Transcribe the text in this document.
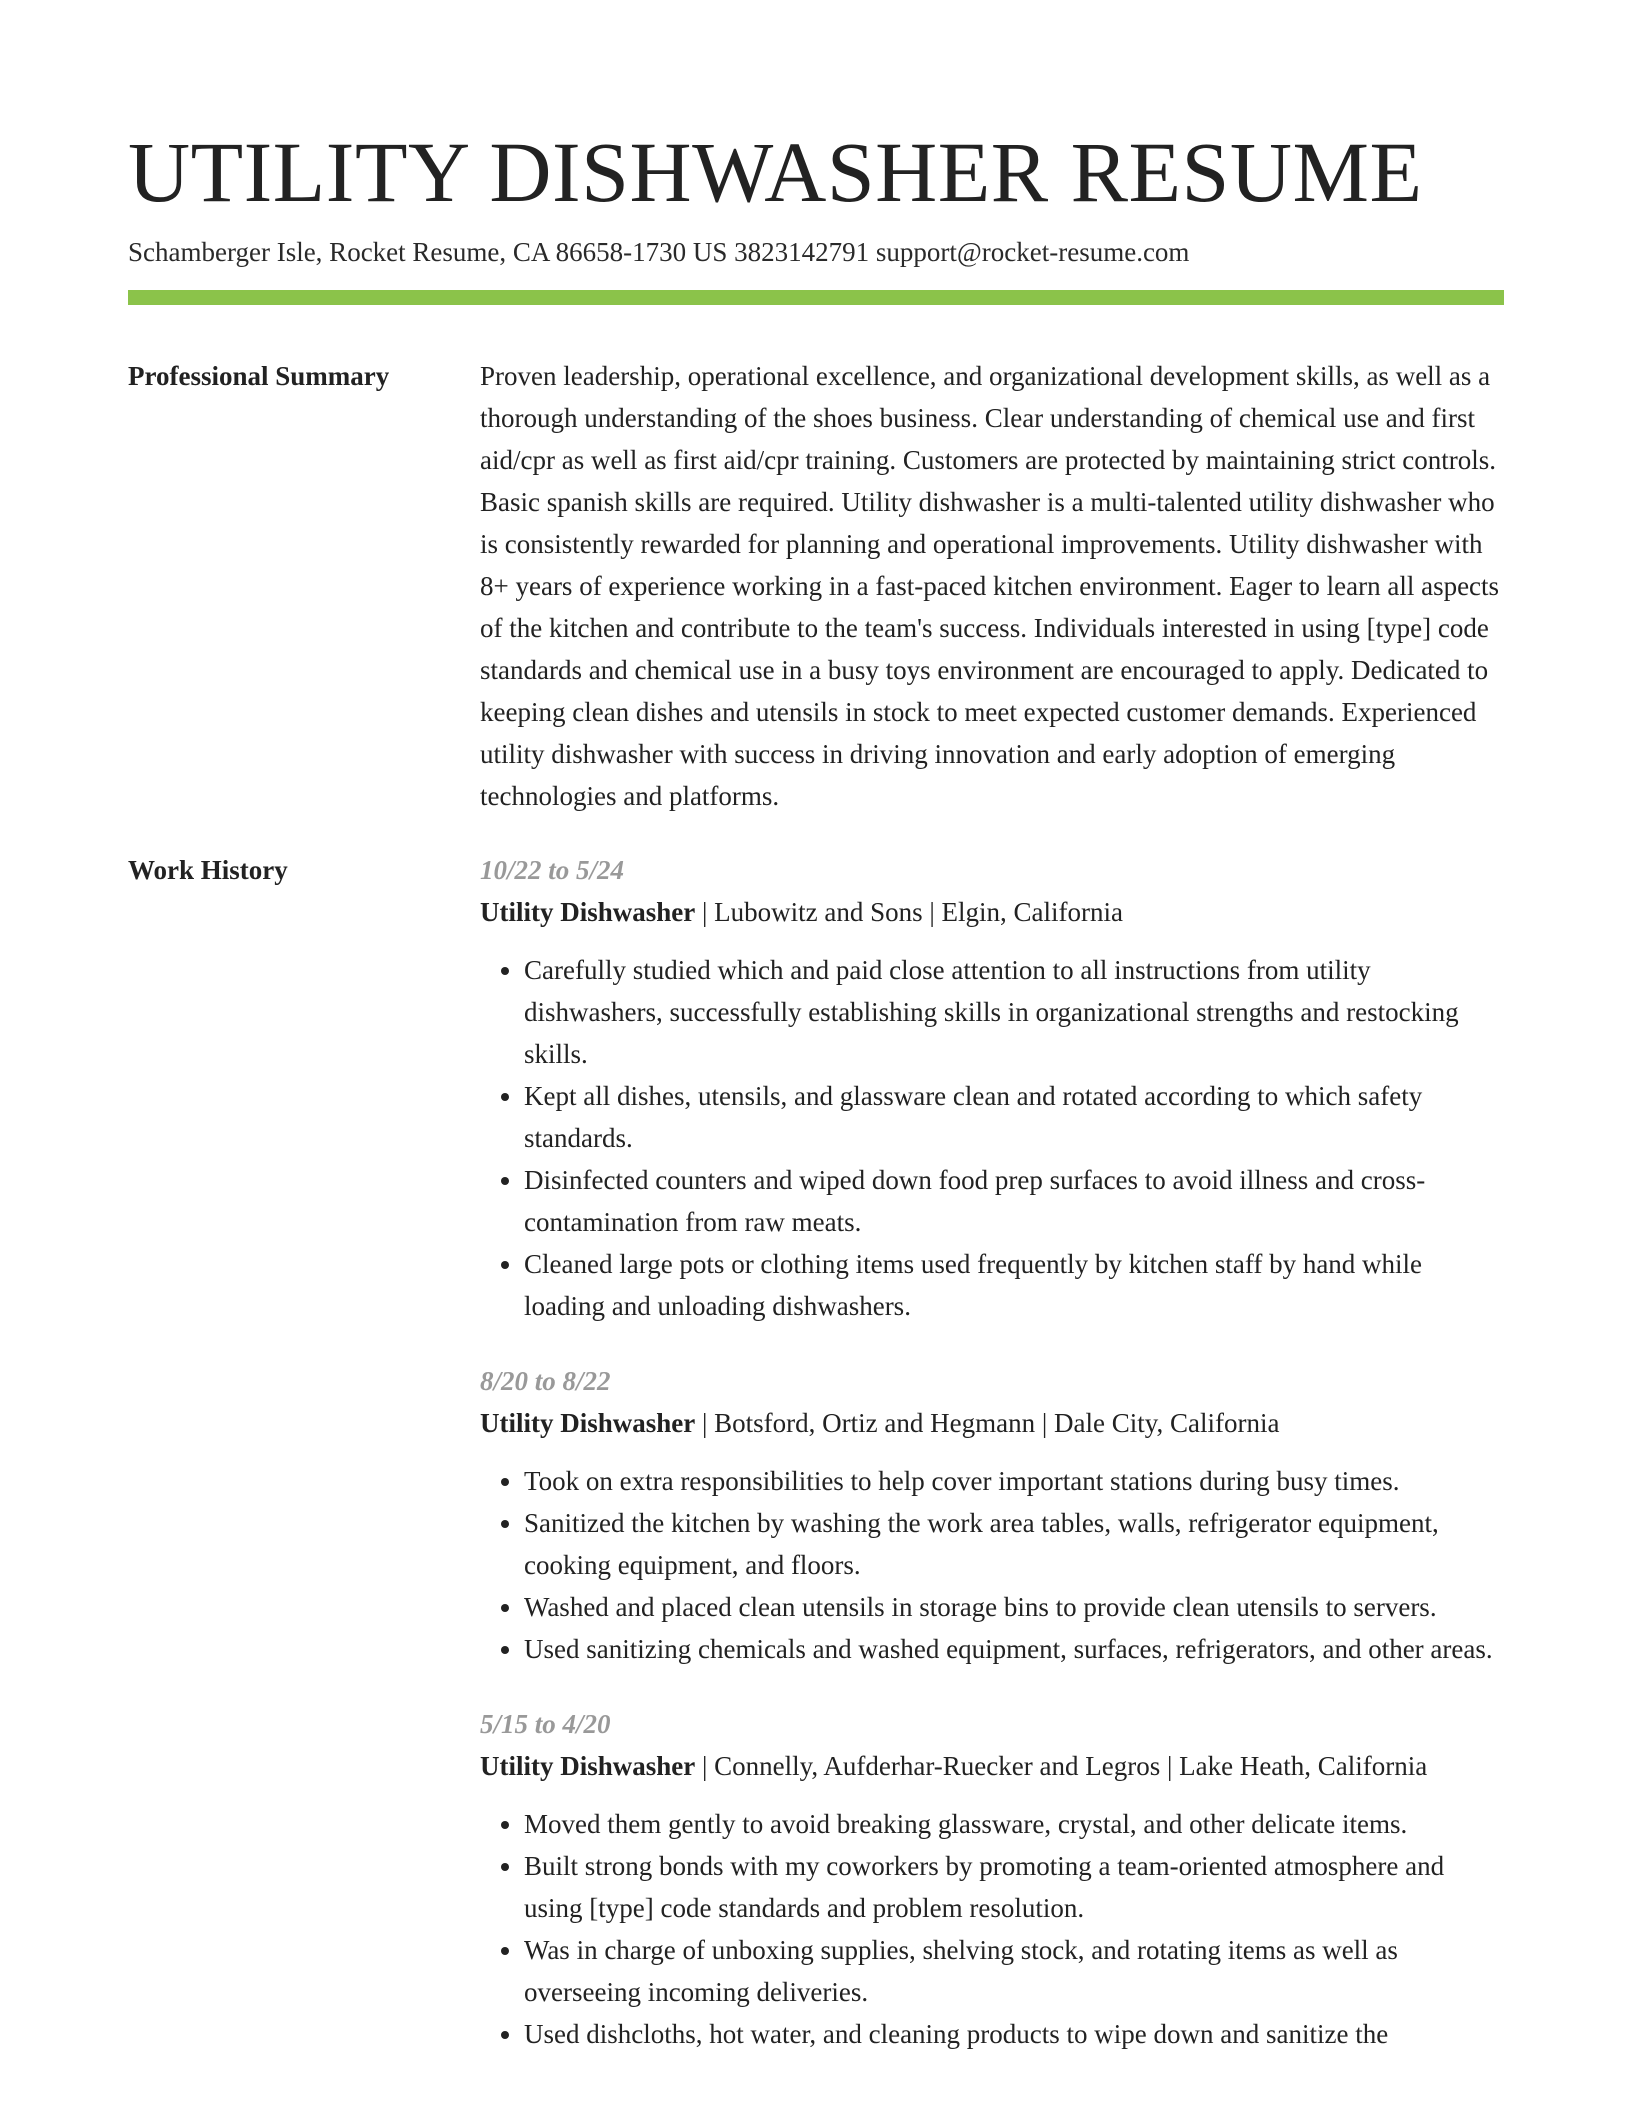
UTILITY DISHWASHER RESUME
Schamberger Isle, Rocket Resume, CA 86658-1730 US 3823142791 support@rocket-resume.com
Professional Summary	Proven leadership, operational excellence, and organizational development skills, as well as a thorough understanding of the shoes business. Clear understanding of chemical use and first aid/cpr as well as first aid/cpr training. Customers are protected by maintaining strict controls. Basic spanish skills are required. Utility dishwasher is a multi-talented utility dishwasher who is consistently rewarded for planning and operational improvements. Utility dishwasher with 8+ years of experience working in a fast-paced kitchen environment. Eager to learn all aspects of the kitchen and contribute to the team's success. Individuals interested in using [type] code standards and chemical use in a busy toys environment are encouraged to apply. Dedicated to keeping clean dishes and utensils in stock to meet expected customer demands. Experienced utility dishwasher with success in driving innovation and early adoption of emerging technologies and platforms.
Work History	10/22 to 5/24
Utility Dishwasher | Lubowitz and Sons | Elgin, California
• Carefully studied which and paid close attention to all instructions from utility dishwashers, successfully establishing skills in organizational strengths and restocking skills.
• Kept all dishes, utensils, and glassware clean and rotated according to which safety standards.
• Disinfected counters and wiped down food prep surfaces to avoid illness and cross-contamination from raw meats.
• Cleaned large pots or clothing items used frequently by kitchen staff by hand while loading and unloading dishwashers.
8/20 to 8/22
Utility Dishwasher | Botsford, Ortiz and Hegmann | Dale City, California
• Took on extra responsibilities to help cover important stations during busy times.
• Sanitized the kitchen by washing the work area tables, walls, refrigerator equipment, cooking equipment, and floors.
• Washed and placed clean utensils in storage bins to provide clean utensils to servers.
• Used sanitizing chemicals and washed equipment, surfaces, refrigerators, and other areas.
5/15 to 4/20
Utility Dishwasher | Connelly, Aufderhar-Ruecker and Legros | Lake Heath, California
• Moved them gently to avoid breaking glassware, crystal, and other delicate items.
• Built strong bonds with my coworkers by promoting a team-oriented atmosphere and using [type] code standards and problem resolution.
• Was in charge of unboxing supplies, shelving stock, and rotating items as well as overseeing incoming deliveries.
• Used dishcloths, hot water, and cleaning products to wipe down and sanitize the
